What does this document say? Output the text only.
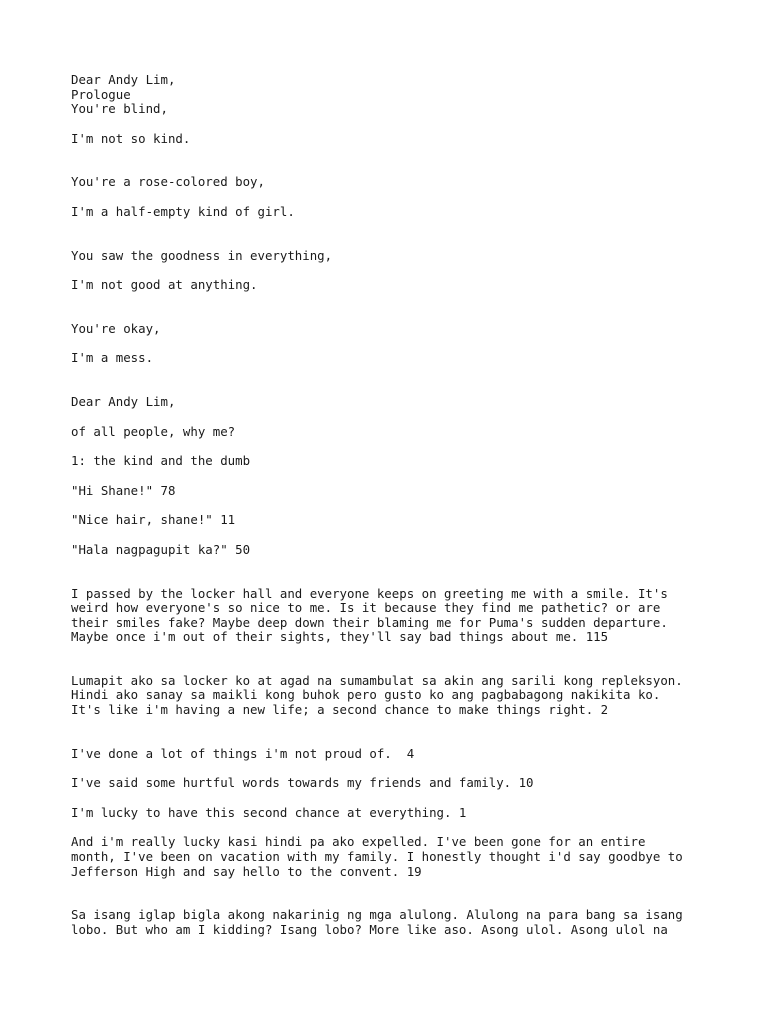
Dear Andy Lim,
Prologue
You're blind,
I'm not so kind.
You're a rose-colored boy,
I'm a half-empty kind of girl.
You saw the goodness in everything,
I'm not good at anything.
You're okay,
I'm a mess.
Dear Andy Lim,
of all people, why me?
1: the kind and the dumb
"Hi Shane!" 78
"Nice hair, shane!" 11
"Hala nagpagupit ka?" 50
I passed by the locker hall and everyone keeps on greeting me with a smile. It's
weird how everyone's so nice to me. Is it because they find me pathetic? or are
their smiles fake? Maybe deep down their blaming me for Puma's sudden departure.
Maybe once i'm out of their sights, they'll say bad things about me. 115
Lumapit ako sa locker ko at agad na sumambulat sa akin ang sarili kong repleksyon.
Hindi ako sanay sa maikli kong buhok pero gusto ko ang pagbabagong nakikita ko.
It's like i'm having a new life; a second chance to make things right. 2
I've done a lot of things i'm not proud of.  4
I've said some hurtful words towards my friends and family. 10
I'm lucky to have this second chance at everything. 1
And i'm really lucky kasi hindi pa ako expelled. I've been gone for an entire
month, I've been on vacation with my family. I honestly thought i'd say goodbye to
Jefferson High and say hello to the convent. 19
Sa isang iglap bigla akong nakarinig ng mga alulong. Alulong na para bang sa isang
lobo. But who am I kidding? Isang lobo? More like aso. Asong ulol. Asong ulol na
